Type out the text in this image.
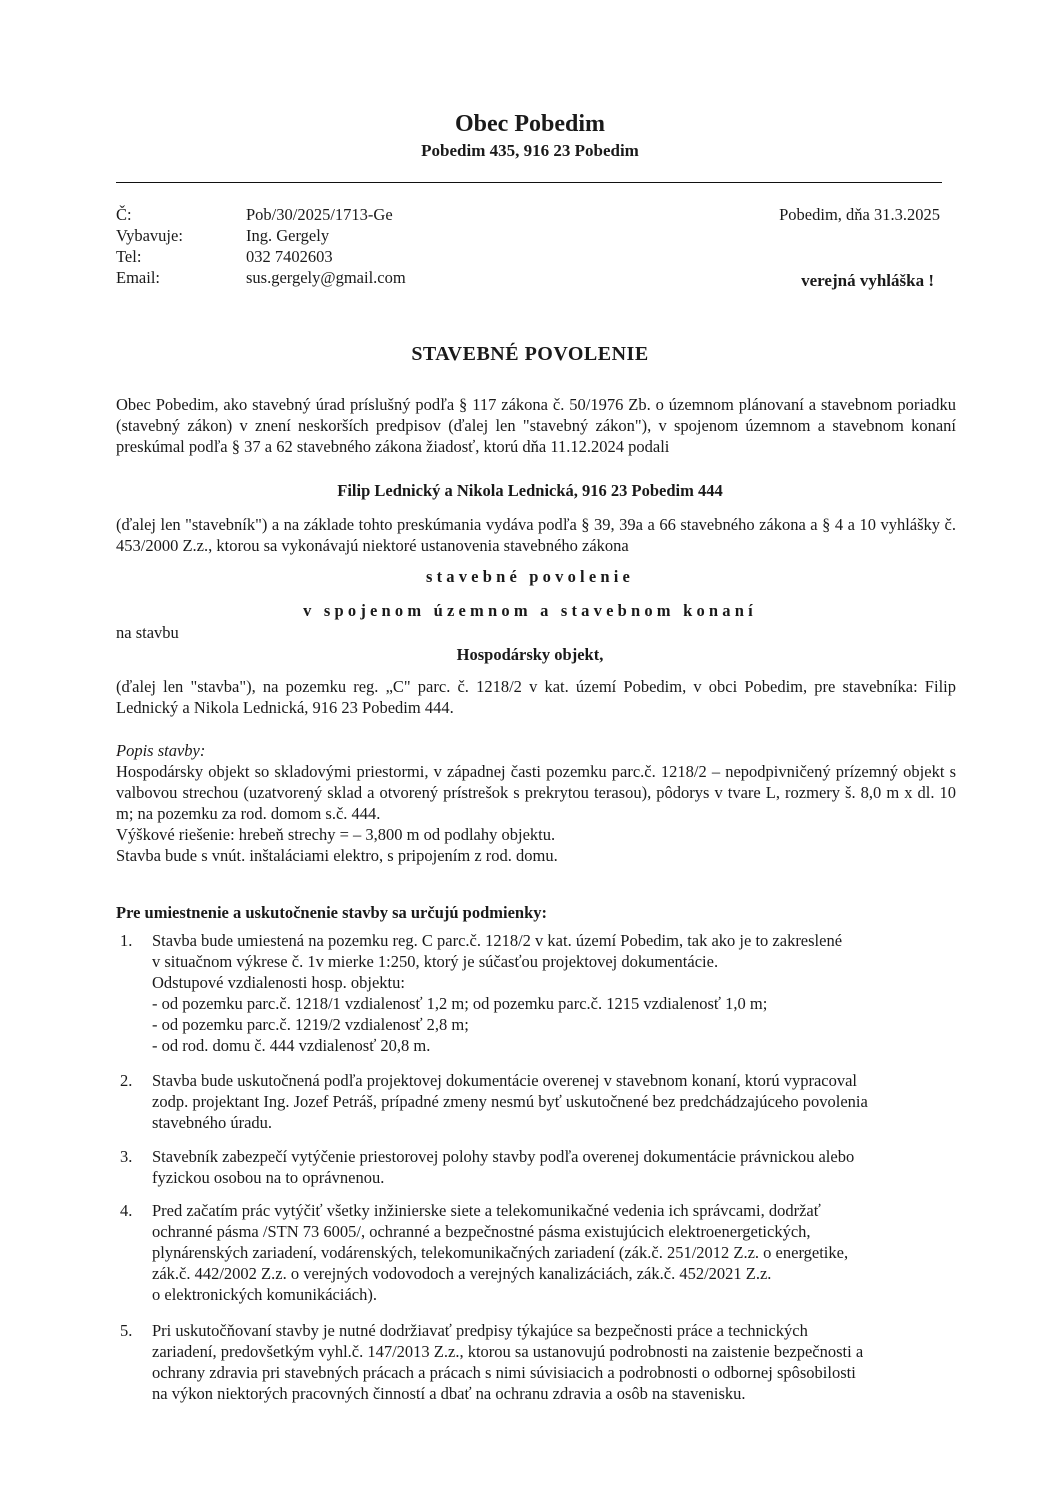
Obec Pobedim
Pobedim 435, 916 23 Pobedim
Č:	Pob/30/2025/1713-Ge	Pobedim, dňa 31.3.2025
Vybavuje:	Ing. Gergely
Tel:	032 7402603
Email:	sus.gergely@gmail.com	verejná vyhláška !
STAVEBNÉ POVOLENIE
Obec Pobedim, ako stavebný úrad príslušný podľa § 117 zákona č. 50/1976 Zb. o územnom plánovaní a stavebnom poriadku (stavebný zákon) v znení neskorších predpisov (ďalej len "stavebný zákon"), v spojenom územnom a stavebnom konaní preskúmal podľa § 37 a 62 stavebného zákona žiadosť, ktorú dňa 11.12.2024 podali
Filip Lednický a Nikola Lednická, 916 23 Pobedim 444
(ďalej len "stavebník") a na základe tohto preskúmania vydáva podľa § 39, 39a a 66 stavebného zákona a § 4 a 10 vyhlášky č. 453/2000 Z.z., ktorou sa vykonávajú niektoré ustanovenia stavebného zákona
stavebné povolenie
v spojenom územnom a stavebnom konaní
na stavbu
Hospodársky objekt,
(ďalej len "stavba"), na pozemku reg. „C" parc. č. 1218/2 v kat. území Pobedim, v obci Pobedim, pre stavebníka: Filip Lednický a Nikola Lednická, 916 23 Pobedim 444.
Popis stavby:
Hospodársky objekt so skladovými priestormi, v západnej časti pozemku parc.č. 1218/2 – nepodpivničený prízemný objekt s valbovou strechou (uzatvorený sklad a otvorený prístrešok s prekrytou terasou), pôdorys v tvare L, rozmery š. 8,0 m x dl. 10 m; na pozemku za rod. domom s.č. 444.
Výškové riešenie: hrebeň strechy = – 3,800 m od podlahy objektu.
Stavba bude s vnút. inštaláciami elektro, s pripojením z rod. domu.
Pre umiestnenie a uskutočnenie stavby sa určujú podmienky:
1. Stavba bude umiestená na pozemku reg. C parc.č. 1218/2 v kat. území Pobedim, tak ako je to zakreslené
v situačnom výkrese č. 1v mierke 1:250, ktorý je súčasťou projektovej dokumentácie.
Odstupové vzdialenosti hosp. objektu:
- od pozemku parc.č. 1218/1 vzdialenosť 1,2 m; od pozemku parc.č. 1215 vzdialenosť 1,0 m;
- od pozemku parc.č. 1219/2 vzdialenosť 2,8 m;
- od rod. domu č. 444 vzdialenosť 20,8 m.
2. Stavba bude uskutočnená podľa projektovej dokumentácie overenej v stavebnom konaní, ktorú vypracoval
zodp. projektant Ing. Jozef Petráš, prípadné zmeny nesmú byť uskutočnené bez predchádzajúceho povolenia
stavebného úradu.
3. Stavebník zabezpečí vytýčenie priestorovej polohy stavby podľa overenej dokumentácie právnickou alebo
fyzickou osobou na to oprávnenou.
4. Pred začatím prác vytýčiť všetky inžinierske siete a telekomunikačné vedenia ich správcami, dodržať
ochranné pásma /STN 73 6005/, ochranné a bezpečnostné pásma existujúcich elektroenergetických,
plynárenských zariadení, vodárenských, telekomunikačných zariadení (zák.č. 251/2012 Z.z. o energetike,
zák.č. 442/2002 Z.z. o verejných vodovodoch a verejných kanalizáciách, zák.č. 452/2021 Z.z.
o elektronických komunikáciách).
5. Pri uskutočňovaní stavby je nutné dodržiavať predpisy týkajúce sa bezpečnosti práce a technických
zariadení, predovšetkým vyhl.č. 147/2013 Z.z., ktorou sa ustanovujú podrobnosti na zaistenie bezpečnosti a
ochrany zdravia pri stavebných prácach a prácach s nimi súvisiacich a podrobnosti o odbornej spôsobilosti
na výkon niektorých pracovných činností a dbať na ochranu zdravia a osôb na stavenisku.
